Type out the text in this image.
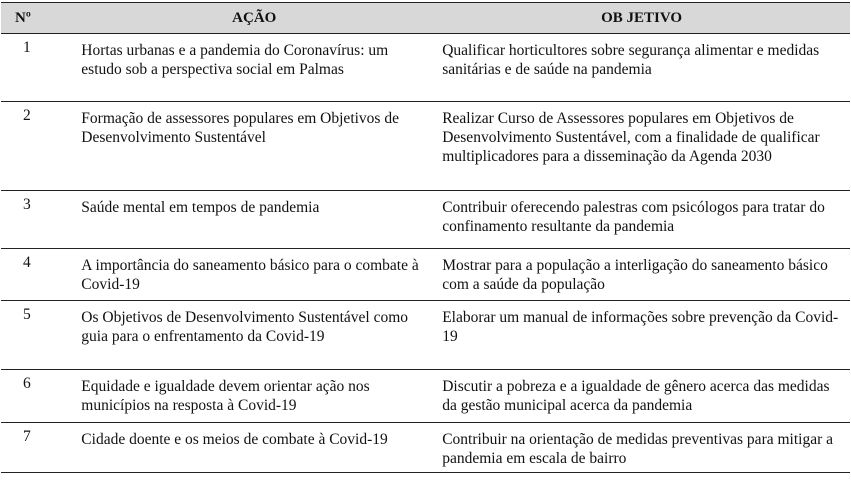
Nº	AÇÃO	OB JETIVO
1	Hortas urbanas e a pandemia do Coronavírus: um estudo sob a perspectiva social em Palmas	Qualificar horticultores sobre segurança alimentar e medidas sanitárias e de saúde na pandemia
2	Formação de assessores populares em Objetivos de Desenvolvimento Sustentável	Realizar Curso de Assessores populares em Objetivos de Desenvolvimento Sustentável, com a finalidade de qualificar multiplicadores para a disseminação da Agenda 2030
3	Saúde mental em tempos de pandemia	Contribuir oferecendo palestras com psicólogos para tratar do confinamento resultante da pandemia
4	A importância do saneamento básico para o combate à Covid-19	Mostrar para a população a interligação do saneamento básico com a saúde da população
5	Os Objetivos de Desenvolvimento Sustentável como guia para o enfrentamento da Covid-19	Elaborar um manual de informações sobre prevenção da Covid-19
6	Equidade e igualdade devem orientar ação nos municípios na resposta à Covid-19	Discutir a pobreza e a igualdade de gênero acerca das medidas da gestão municipal acerca da pandemia
7	Cidade doente e os meios de combate à Covid-19	Contribuir na orientação de medidas preventivas para mitigar a pandemia em escala de bairro
